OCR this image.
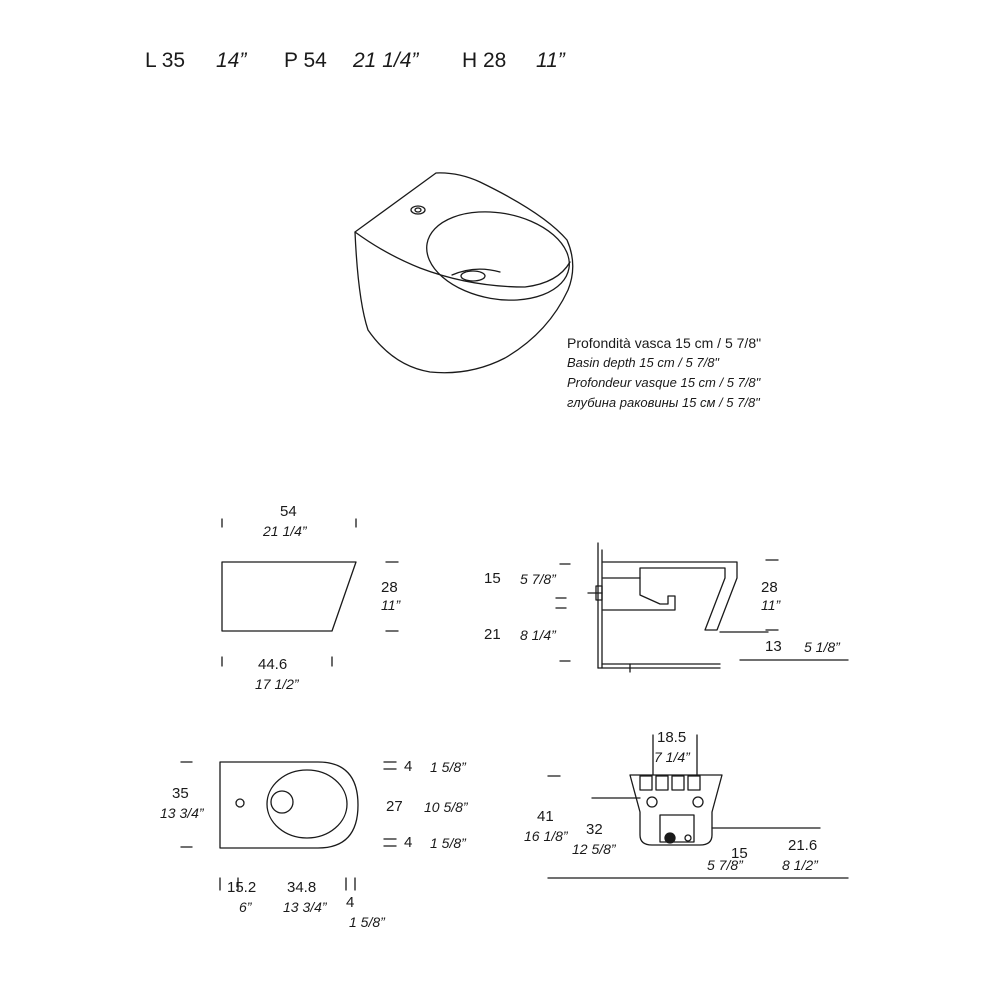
L 35 14” P 54 21 1/4” H 28 11”
Profondità vasca 15 cm / 5 7/8"
Basin depth 15 cm / 5 7/8"
Profondeur vasque 15 cm / 5 7/8"
глубина раковины 15 см / 5 7/8"
54
21 1/4”
28
11”
44.6
17 1/2”
15 5 7/8”
21 8 1/4”
28
11”
13 5 1/8”
35
13 3/4”
4 1 5/8”
27 10 5/8”
4 1 5/8”
15.2
6”
34.8
13 3/4” 4
1 5/8”
18.5
7 1/4”
41
16 1/8” 32
12 5/8”	15
5 7/8”
21.6
8 1/2”
